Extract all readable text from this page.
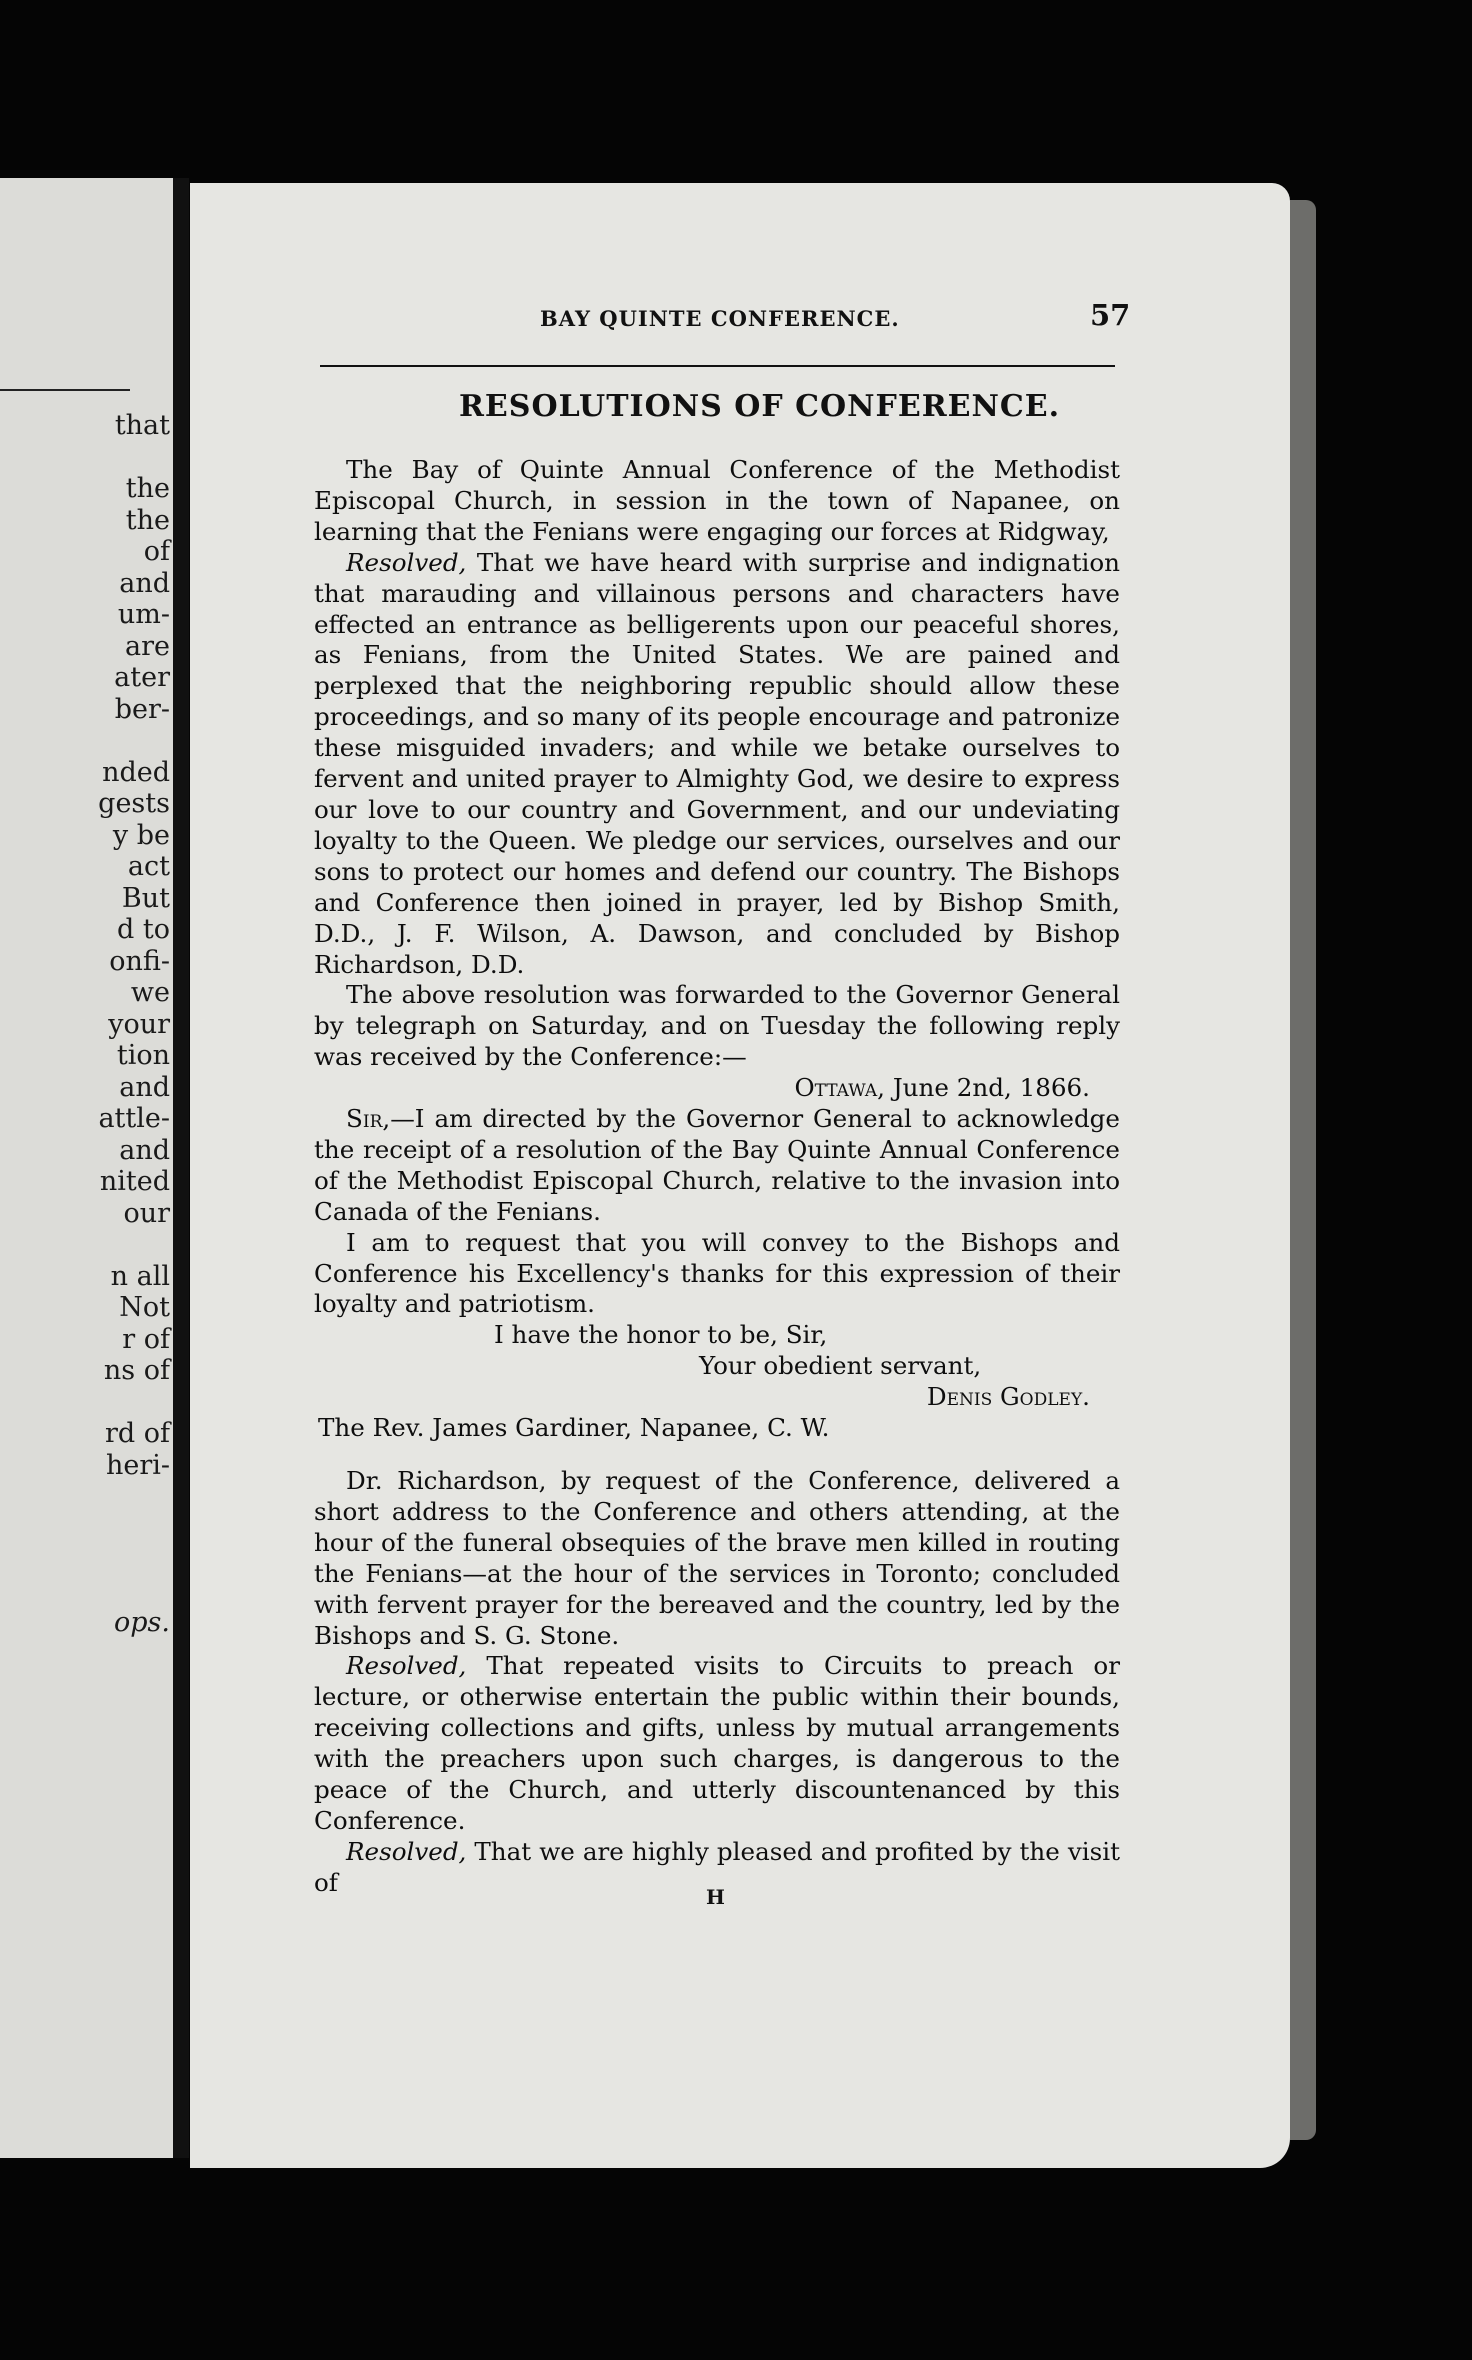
that
the
the
of
and
um-
are
ater
ber-
nded
gests
y be
act
But
d to
onfi-
we
your
tion
and
attle-
and
nited
our
n all
Not
r of
ns of
rd of
heri-
ops.
BAY QUINTE CONFERENCE.	57
RESOLUTIONS OF CONFERENCE.

The Bay of Quinte Annual Conference of the Methodist Episcopal Church, in session in the town of Napanee, on learning that the Fenians were engaging our forces at Ridgway,

Resolved, That we have heard with surprise and indignation that marauding and villainous persons and characters have effected an entrance as belligerents upon our peaceful shores, as Fenians, from the United States. We are pained and perplexed that the neighboring republic should allow these proceedings, and so many of its people encourage and patronize these misguided invaders; and while we betake ourselves to fervent and united prayer to Almighty God, we desire to express our love to our country and Government, and our undeviating loyalty to the Queen. We pledge our services, ourselves and our sons to protect our homes and defend our country. The Bishops and Conference then joined in prayer, led by Bishop Smith, D.D., J. F. Wilson, A. Dawson, and concluded by Bishop Richardson, D.D.

The above resolution was forwarded to the Governor General by telegraph on Saturday, and on Tuesday the following reply was received by the Conference:—

Ottawa, June 2nd, 1866.

Sir,—I am directed by the Governor General to acknowledge the receipt of a resolution of the Bay Quinte Annual Conference of the Methodist Episcopal Church, relative to the invasion into Canada of the Fenians.

I am to request that you will convey to the Bishops and Conference his Excellency's thanks for this expression of their loyalty and patriotism.

I have the honor to be, Sir,

Your obedient servant,

Denis Godley.

The Rev. James Gardiner, Napanee, C. W.

Dr. Richardson, by request of the Conference, delivered a short address to the Conference and others attending, at the hour of the funeral obsequies of the brave men killed in routing the Fenians—at the hour of the services in Toronto; concluded with fervent prayer for the bereaved and the country, led by the Bishops and S. G. Stone.

Resolved, That repeated visits to Circuits to preach or lecture, or otherwise entertain the public within their bounds, receiving collections and gifts, unless by mutual arrangements with the preachers upon such charges, is dangerous to the peace of the Church, and utterly discountenanced by this Conference.

Resolved, That we are highly pleased and profited by the visit of

H
